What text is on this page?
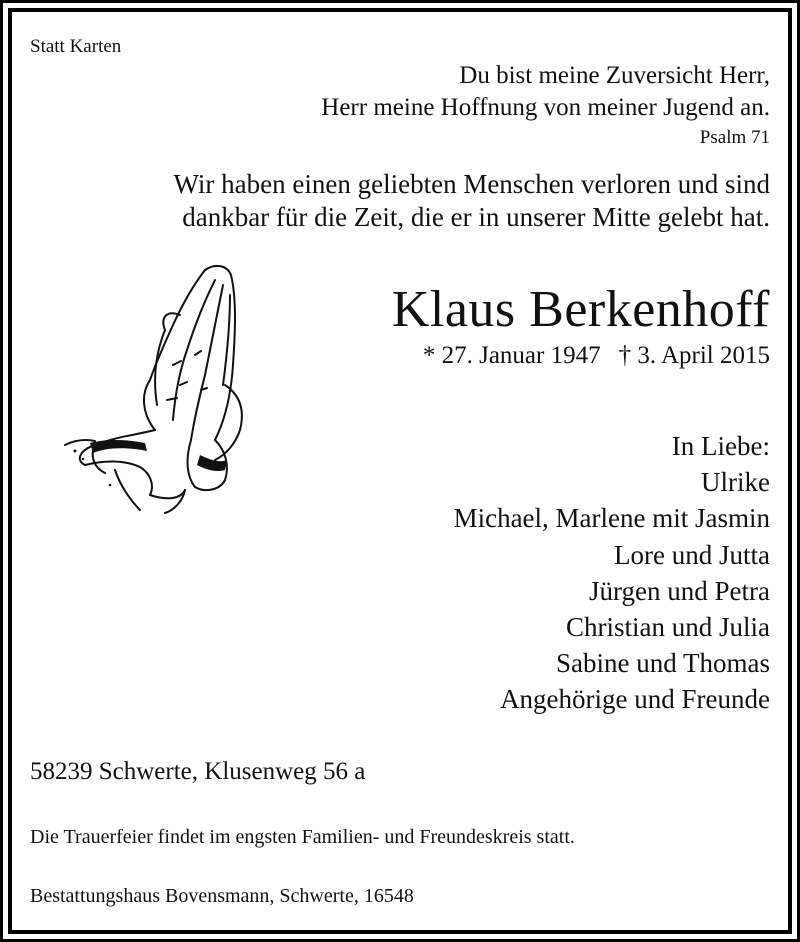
Statt Karten
Du bist meine Zuversicht Herr,
Herr meine Hoffnung von meiner Jugend an.
Psalm 71
Wir haben einen geliebten Menschen verloren und sind
dankbar für die Zeit, die er in unserer Mitte gelebt hat.
Klaus Berkenhoff
* 27. Januar 1947 † 3. April 2015
In Liebe:
Ulrike
Michael, Marlene mit Jasmin
Lore und Jutta
Jürgen und Petra
Christian und Julia
Sabine und Thomas
Angehörige und Freunde
58239 Schwerte, Klusenweg 56 a
Die Trauerfeier findet im engsten Familien- und Freundeskreis statt.
Bestattungshaus Bovensmann, Schwerte, 16548
